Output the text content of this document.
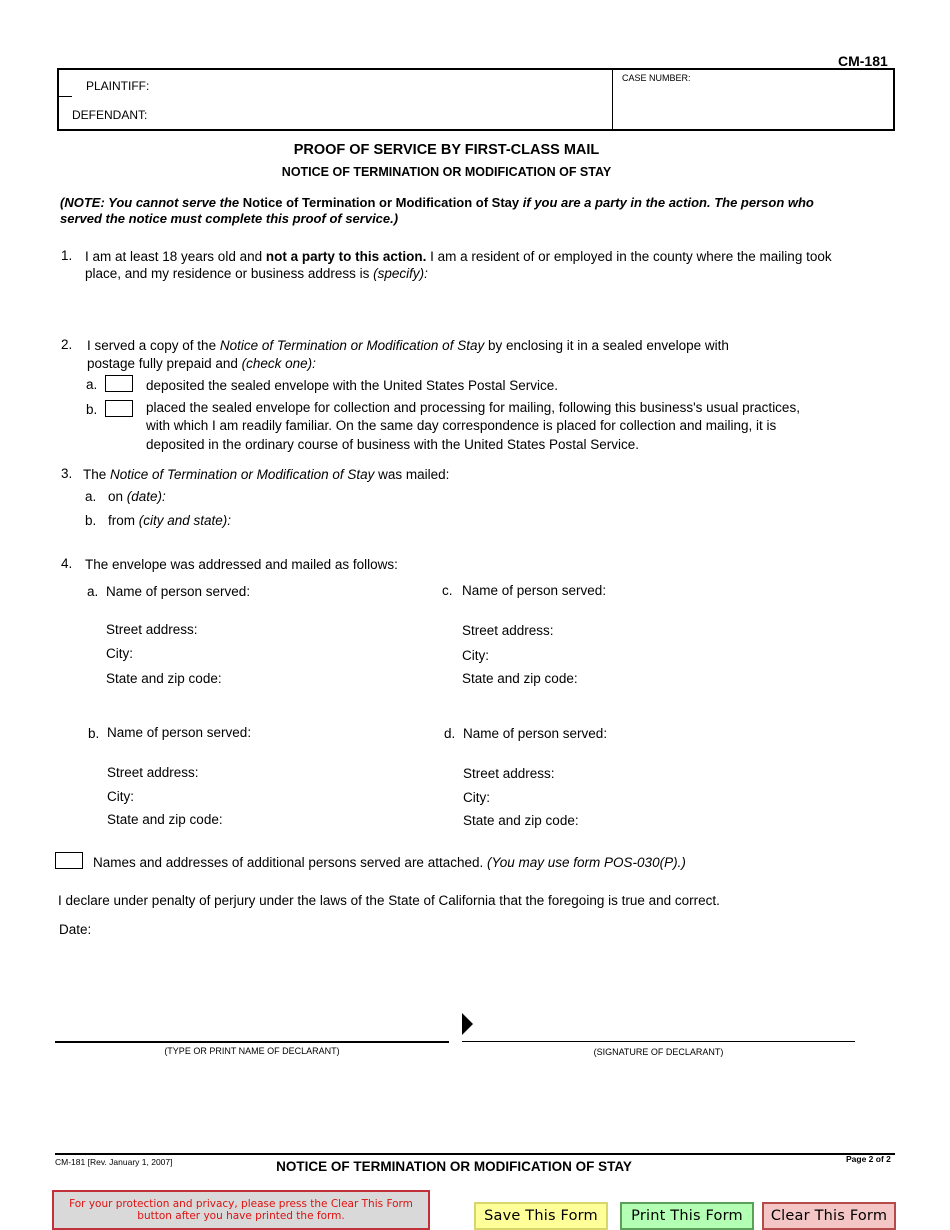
CM-181
PLAINTIFF:
DEFENDANT:
CASE NUMBER:
PROOF OF SERVICE BY FIRST-CLASS MAIL
NOTICE OF TERMINATION OR MODIFICATION OF STAY
(NOTE: You cannot serve the Notice of Termination or Modification of Stay if you are a party in the action. The person who
served the notice must complete this proof of service.)
1. I am at least 18 years old and not a party to this action. I am a resident of or employed in the county where the mailing took
place, and my residence or business address is (specify):
2. I served a copy of the Notice of Termination or Modification of Stay by enclosing it in a sealed envelope with
postage fully prepaid and (check one):
a.	deposited the sealed envelope with the United States Postal Service.
b.	placed the sealed envelope for collection and processing for mailing, following this business's usual practices,
with which I am readily familiar. On the same day correspondence is placed for collection and mailing, it is
deposited in the ordinary course of business with the United States Postal Service.
3. The Notice of Termination or Modification of Stay was mailed:
a. on (date):
b. from (city and state):
4. The envelope was addressed and mailed as follows:
a. Name of person served:
Street address:
City:
State and zip code:
b. Name of person served:
Street address:
City:
State and zip code:
c. Name of person served:
Street address:
City:
State and zip code:
d. Name of person served:
Street address:
City:
State and zip code:
Names and addresses of additional persons served are attached. (You may use form POS-030(P).)
I declare under penalty of perjury under the laws of the State of California that the foregoing is true and correct.
Date:
(TYPE OR PRINT NAME OF DECLARANT)	(SIGNATURE OF DECLARANT)
CM-181 [Rev. January 1, 2007]	NOTICE OF TERMINATION OR MODIFICATION OF STAY	Page 2 of 2
For your protection and privacy, please press the Clear This Form
button after you have printed the form.	Save This Form	Print This Form	Clear This Form
